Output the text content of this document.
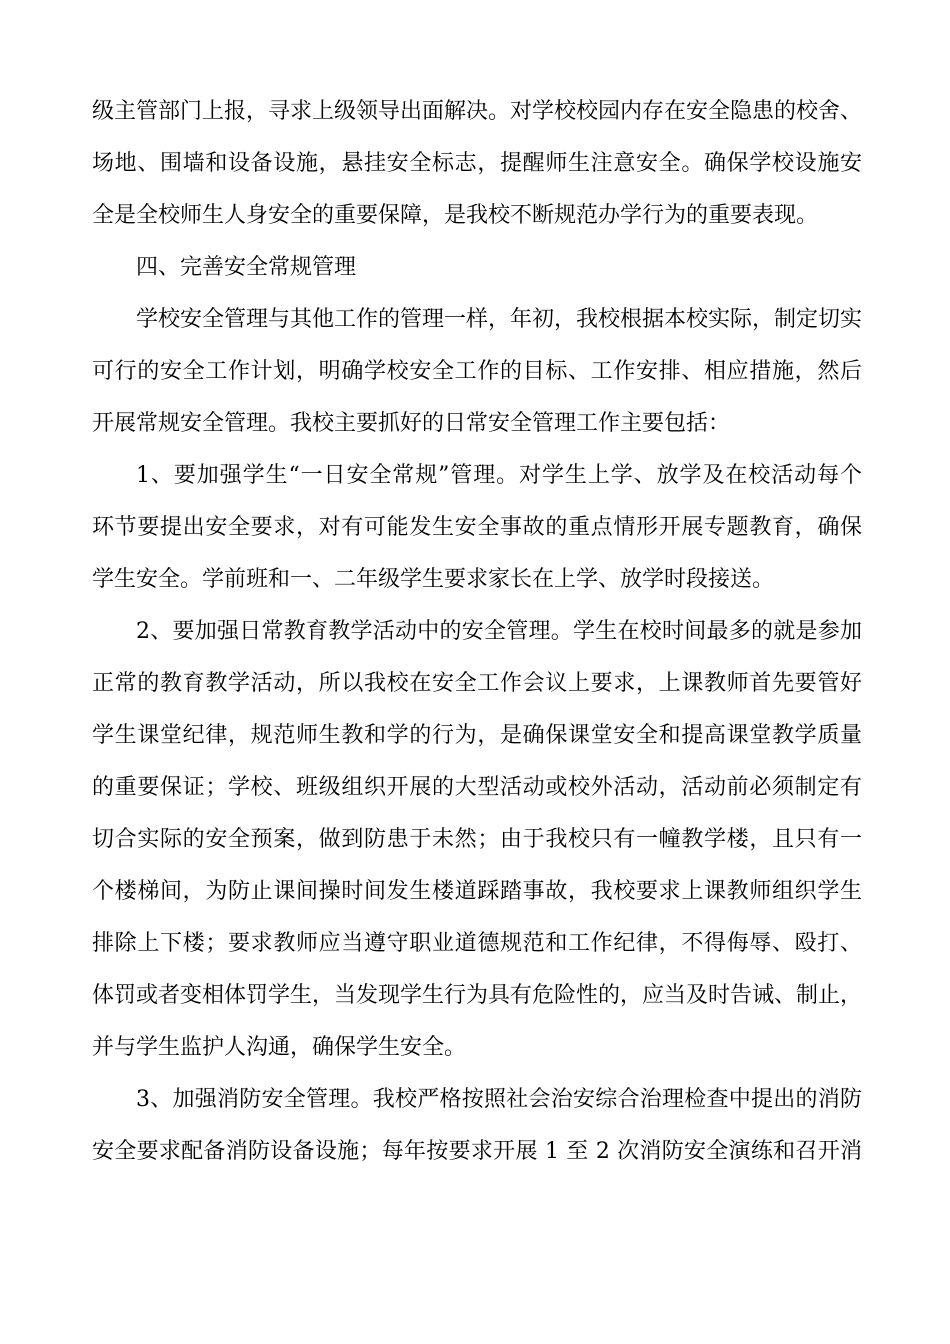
级主管部门上报，寻求上级领导出面解决。对学校校园内存在安全隐患的校舍、
场地、围墙和设备设施，悬挂安全标志，提醒师生注意安全。确保学校设施安
全是全校师生人身安全的重要保障，是我校不断规范办学行为的重要表现。
四、完善安全常规管理
学校安全管理与其他工作的管理一样，年初，我校根据本校实际，制定切实
可行的安全工作计划，明确学校安全工作的目标、工作安排、相应措施，然后
开展常规安全管理。我校主要抓好的日常安全管理工作主要包括：
1、要加强学生“一日安全常规”管理。对学生上学、放学及在校活动每个
环节要提出安全要求，对有可能发生安全事故的重点情形开展专题教育，确保
学生安全。学前班和一、二年级学生要求家长在上学、放学时段接送。
2、要加强日常教育教学活动中的安全管理。学生在校时间最多的就是参加
正常的教育教学活动，所以我校在安全工作会议上要求，上课教师首先要管好
学生课堂纪律，规范师生教和学的行为，是确保课堂安全和提高课堂教学质量
的重要保证；学校、班级组织开展的大型活动或校外活动，活动前必须制定有
切合实际的安全预案，做到防患于未然；由于我校只有一幢教学楼，且只有一
个楼梯间，为防止课间操时间发生楼道踩踏事故，我校要求上课教师组织学生
排除上下楼；要求教师应当遵守职业道德规范和工作纪律，不得侮辱、殴打、
体罚或者变相体罚学生，当发现学生行为具有危险性的，应当及时告诫、制止，
并与学生监护人沟通，确保学生安全。
3、加强消防安全管理。我校严格按照社会治安综合治理检查中提出的消防
安全要求配备消防设备设施；每年按要求开展 1 至 2 次消防安全演练和召开消
